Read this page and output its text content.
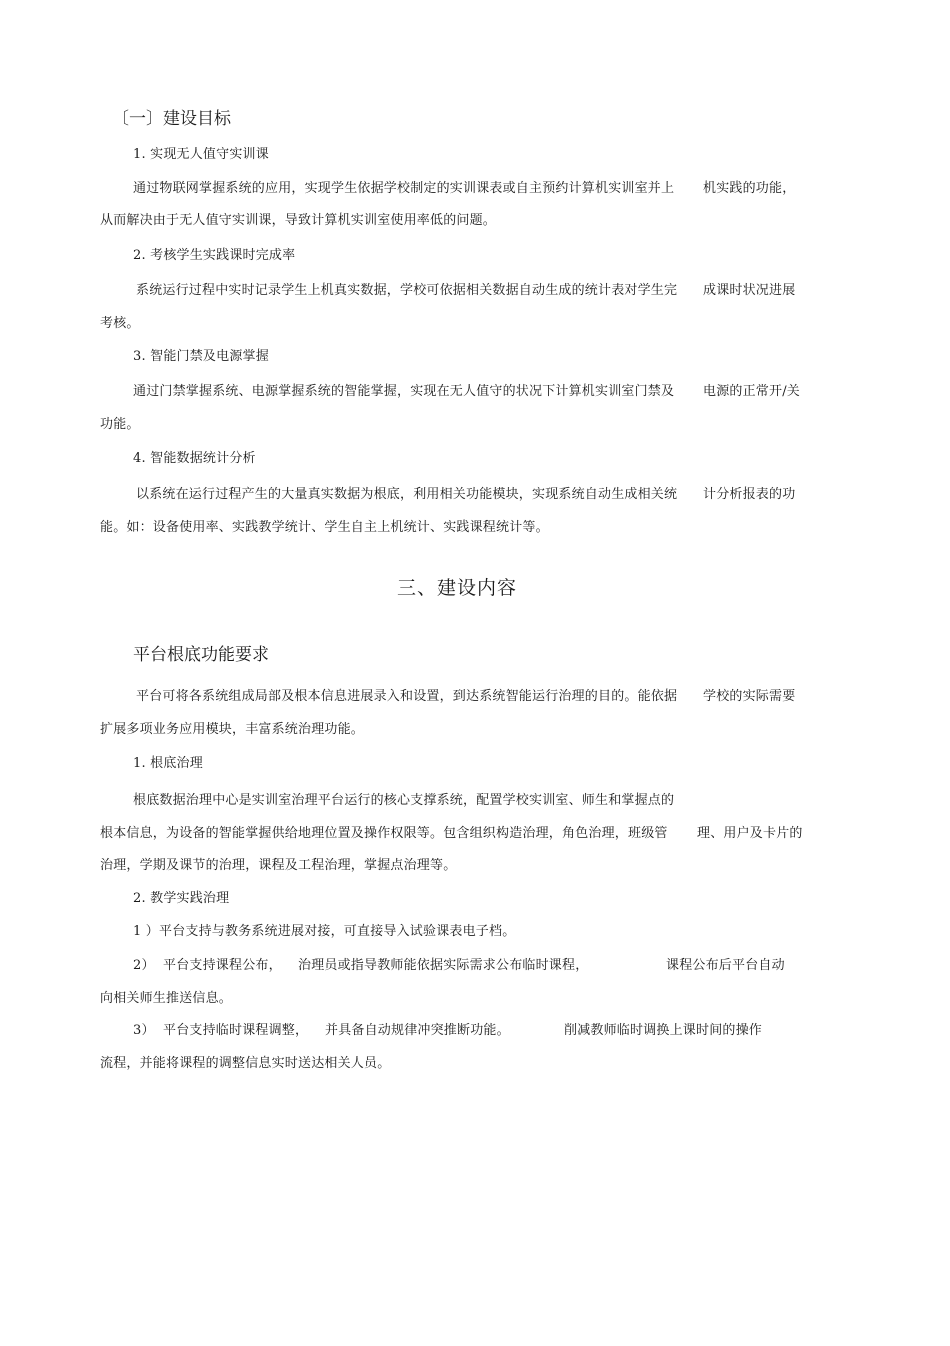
〔一〕建设目标
1. 实现无人值守实训课
通过物联网掌握系统的应用，实现学生依据学校制定的实训课表或自主预约计算机实训室并上 机实践的功能，
从而解决由于无人值守实训课，导致计算机实训室使用率低的问题。
2. 考核学生实践课时完成率
系统运行过程中实时记录学生上机真实数据，学校可依据相关数据自动生成的统计表对学生完 成课时状况进展
考核。
3. 智能门禁及电源掌握
通过门禁掌握系统、电源掌握系统的智能掌握，实现在无人值守的状况下计算机实训室门禁及 电源的正常开/关
功能。
4. 智能数据统计分析
以系统在运行过程产生的大量真实数据为根底，利用相关功能模块，实现系统自动生成相关统 计分析报表的功
能。如：设备使用率、实践教学统计、学生自主上机统计、实践课程统计等。
三、建设内容
平台根底功能要求
平台可将各系统组成局部及根本信息进展录入和设置，到达系统智能运行治理的目的。能依据 学校的实际需要
扩展多项业务应用模块，丰富系统治理功能。
1. 根底治理
根底数据治理中心是实训室治理平台运行的核心支撑系统，配置学校实训室、师生和掌握点的
根本信息，为设备的智能掌握供给地理位置及操作权限等。包含组织构造治理，角色治理，班级管 理、用户及卡片的
治理，学期及课节的治理，课程及工程治理，掌握点治理等。
2. 教学实践治理
1 ）平台支持与教务系统进展对接，可直接导入试验课表电子档。
2） 平台支持课程公布， 治理员或指导教师能依据实际需求公布临时课程，	课程公布后平台自动
向相关师生推送信息。
3） 平台支持临时课程调整， 并具备自动规律冲突推断功能。	削减教师临时调换上课时间的操作
流程，并能将课程的调整信息实时送达相关人员。
